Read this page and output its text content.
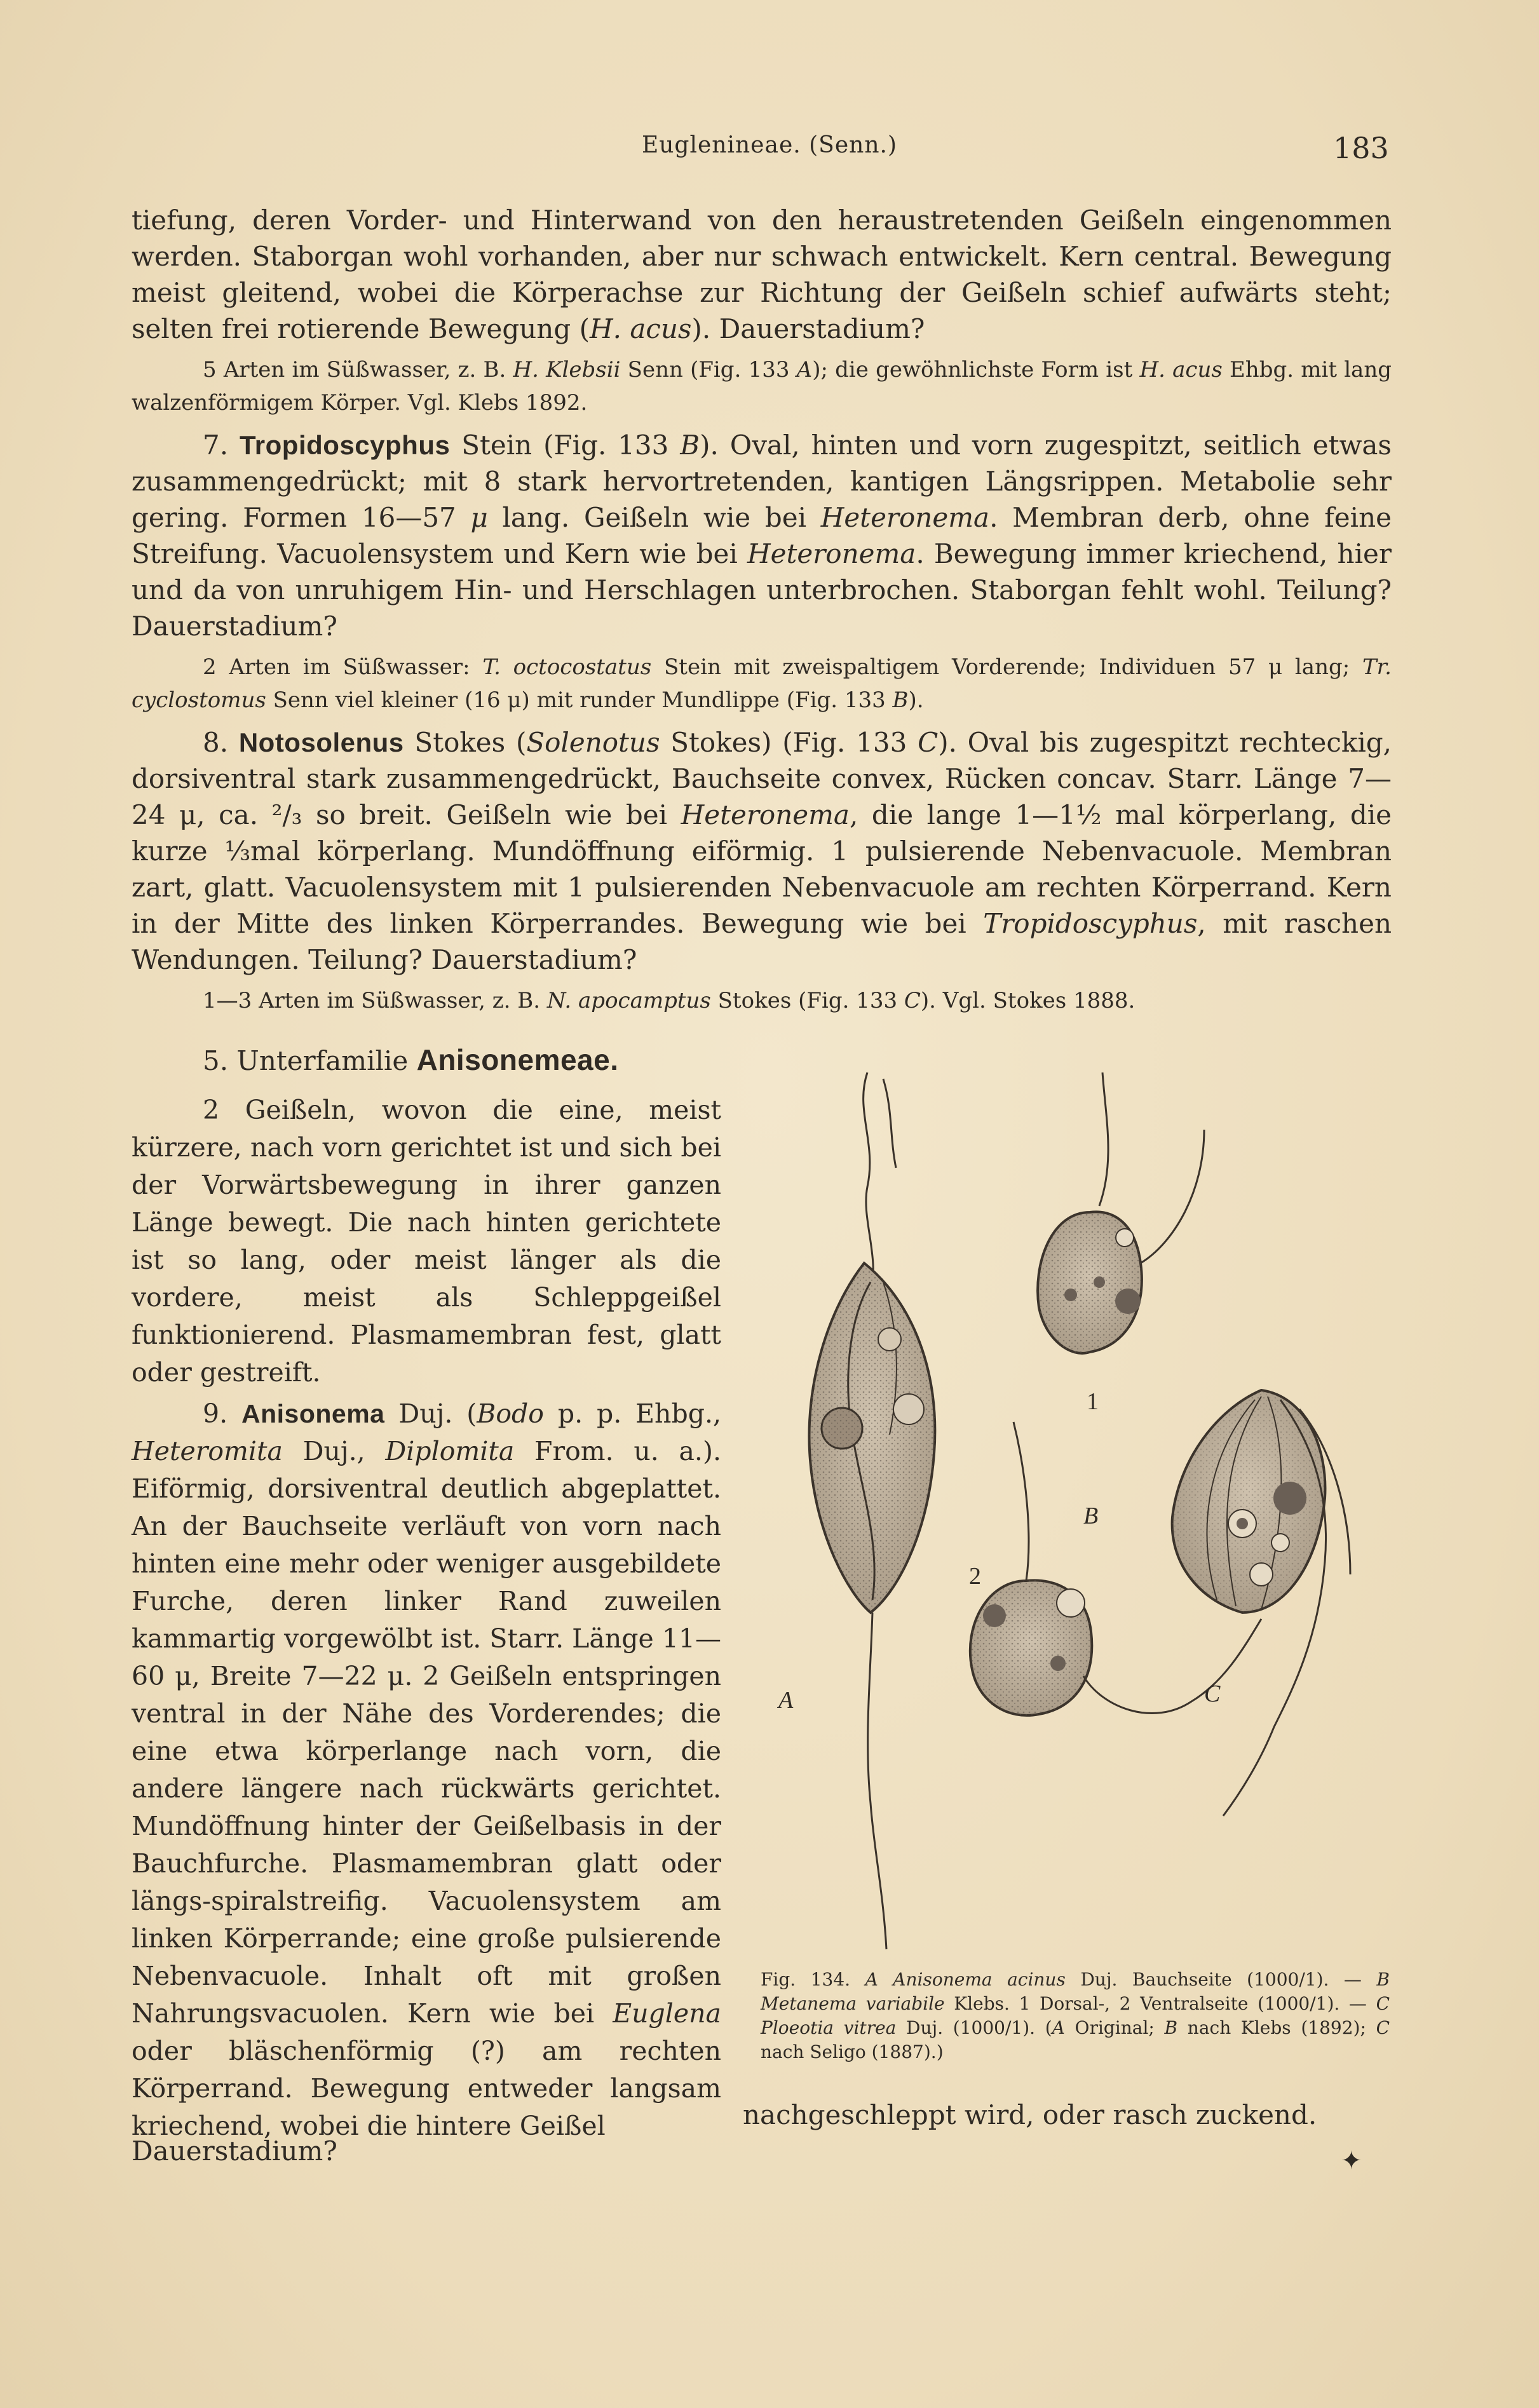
Euglenineae. (Senn.)	183

tiefung, deren Vorder- und Hinterwand von den heraustretenden Geißeln eingenommen werden. Staborgan wohl vorhanden, aber nur schwach entwickelt. Kern central. Bewegung meist gleitend, wobei die Körperachse zur Richtung der Geißeln schief aufwärts steht; selten frei rotierende Bewegung (H. acus). Dauerstadium?

5 Arten im Süßwasser, z. B. H. Klebsii Senn (Fig. 133 A); die gewöhnlichste Form ist H. acus Ehbg. mit lang walzenförmigem Körper. Vgl. Klebs 1892.

7. Tropidoscyphus Stein (Fig. 133 B). Oval, hinten und vorn zugespitzt, seitlich etwas zusammengedrückt; mit 8 stark hervortretenden, kantigen Längsrippen. Metabolie sehr gering. Formen 16—57 μ lang. Geißeln wie bei Heteronema. Membran derb, ohne feine Streifung. Vacuolensystem und Kern wie bei Heteronema. Bewegung immer kriechend, hier und da von unruhigem Hin- und Herschlagen unterbrochen. Staborgan fehlt wohl. Teilung? Dauerstadium?

2 Arten im Süßwasser: T. octocostatus Stein mit zweispaltigem Vorderende; Individuen 57 μ lang; Tr. cyclostomus Senn viel kleiner (16 μ) mit runder Mundlippe (Fig. 133 B).

8. Notosolenus Stokes (Solenotus Stokes) (Fig. 133 C). Oval bis zugespitzt rechteckig, dorsiventral stark zusammengedrückt, Bauchseite convex, Rücken concav. Starr. Länge 7—24 μ, ca. ²/₃ so breit. Geißeln wie bei Heteronema, die lange 1—1½ mal körperlang, die kurze ⅓mal körperlang. Mundöffnung eiförmig. 1 pulsierende Nebenvacuole. Membran zart, glatt. Vacuolensystem mit 1 pulsierenden Nebenvacuole am rechten Körperrand. Kern in der Mitte des linken Körperrandes. Bewegung wie bei Tropidoscyphus, mit raschen Wendungen. Teilung? Dauerstadium?

1—3 Arten im Süßwasser, z. B. N. apocamptus Stokes (Fig. 133 C). Vgl. Stokes 1888.

5. Unterfamilie Anisonemeae.

2 Geißeln, wovon die eine, meist kürzere, nach vorn gerichtet ist und sich bei der Vorwärtsbewegung in ihrer ganzen Länge bewegt. Die nach hinten gerichtete ist so lang, oder meist länger als die vordere, meist als Schleppgeißel funktionierend. Plasmamembran fest, glatt oder gestreift.

9. Anisonema Duj. (Bodo p. p. Ehbg., Heteromita Duj., Diplomita From. u. a.). Eiförmig, dorsiventral deutlich abgeplattet. An der Bauchseite verläuft von vorn nach hinten eine mehr oder weniger ausgebildete Furche, deren linker Rand zuweilen kammartig vorgewölbt ist. Starr. Länge 11—60 μ, Breite 7—22 μ. 2 Geißeln entspringen ventral in der Nähe des Vorderendes; die eine etwa körperlange nach vorn, die andere längere nach rückwärts gerichtet. Mundöffnung hinter der Geißelbasis in der Bauchfurche. Plasmamembran glatt oder längs-spiralstreifig. Vacuolensystem am linken Körperrande; eine große pulsierende Nebenvacuole. Inhalt oft mit großen Nahrungsvacuolen. Kern wie bei Euglena oder bläschenförmig (?) am rechten Körperrand. Bewegung entweder langsam kriechend, wobei die hintere Geißel

A
1
B
2
C
Fig. 134. A Anisonema acinus Duj. Bauchseite (1000/1). — B Metanema variabile Klebs. 1 Dorsal-, 2 Ventralseite (1000/1). — C Ploeotia vitrea Duj. (1000/1). (A Original; B nach Klebs (1892); C nach Seligo (1887).)

nachgeschleppt wird, oder rasch zuckend.

Dauerstadium?	✦
